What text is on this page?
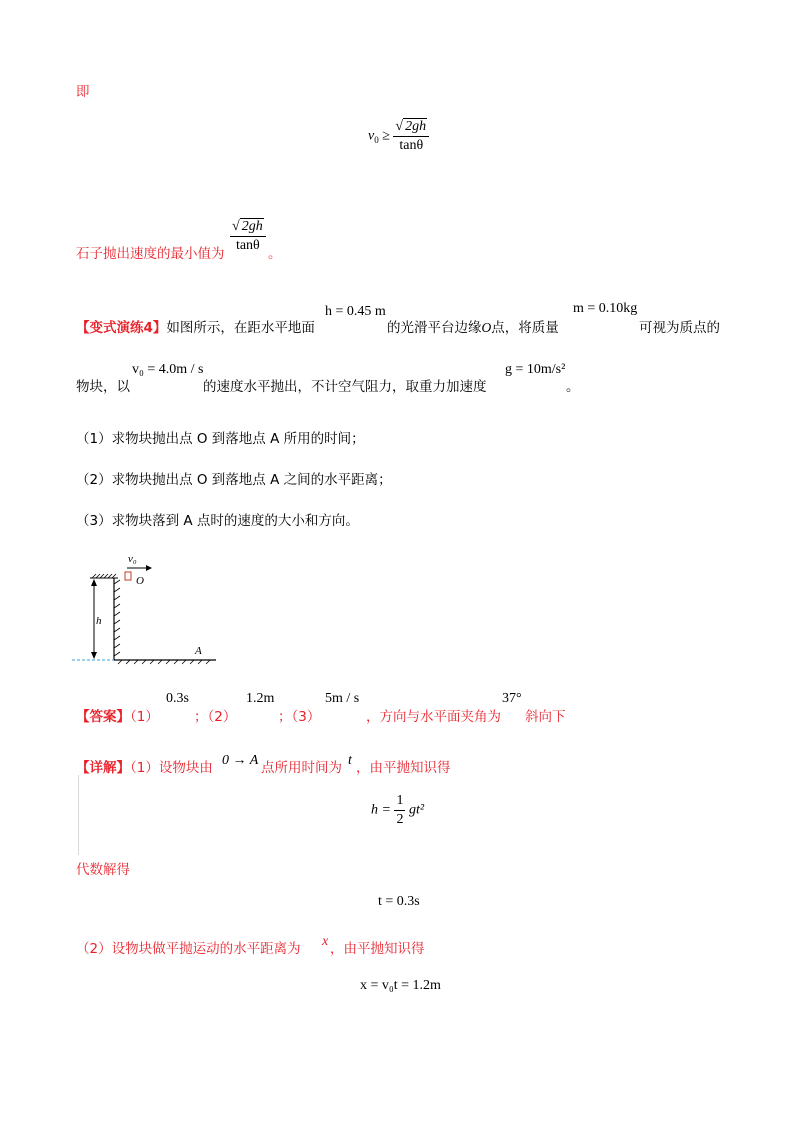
即
$v_0 \ge \frac{√ 2gh}{\tan\theta}$
石子抛出速度的最小值为 $\frac{√ 2gh}{\tan\theta}$ 。
【变式演练4】如图所示，在距水平地面
h = 0.45 m
的光滑平台边缘O点，将质量
m = 0.10kg
可视为质点的
物块，以
v₀ = 4.0m / s
的速度水平抛出，不计空气阻力，取重力加速度
g = 10m/s²
。
（1）求物块抛出点 O 到落地点 A 所用的时间；
（2）求物块抛出点 O 到落地点 A 之间的水平距离；
（3）求物块落到 A 点时的速度的大小和方向。
v₀
O
h
A
【答案】（1）
0.3s
；（2）
1.2m
；（3）
5m / s
，方向与水平面夹角为
37°
斜向下
【详解】（1）设物块由 0 → A 点所用时间为 t ，由平抛知识得
$h = \frac{1}{2} gt^2$
代数解得
t = 0.3s
（2）设物块做平抛运动的水平距离为 x ，由平抛知识得
x = v₀t = 1.2m
